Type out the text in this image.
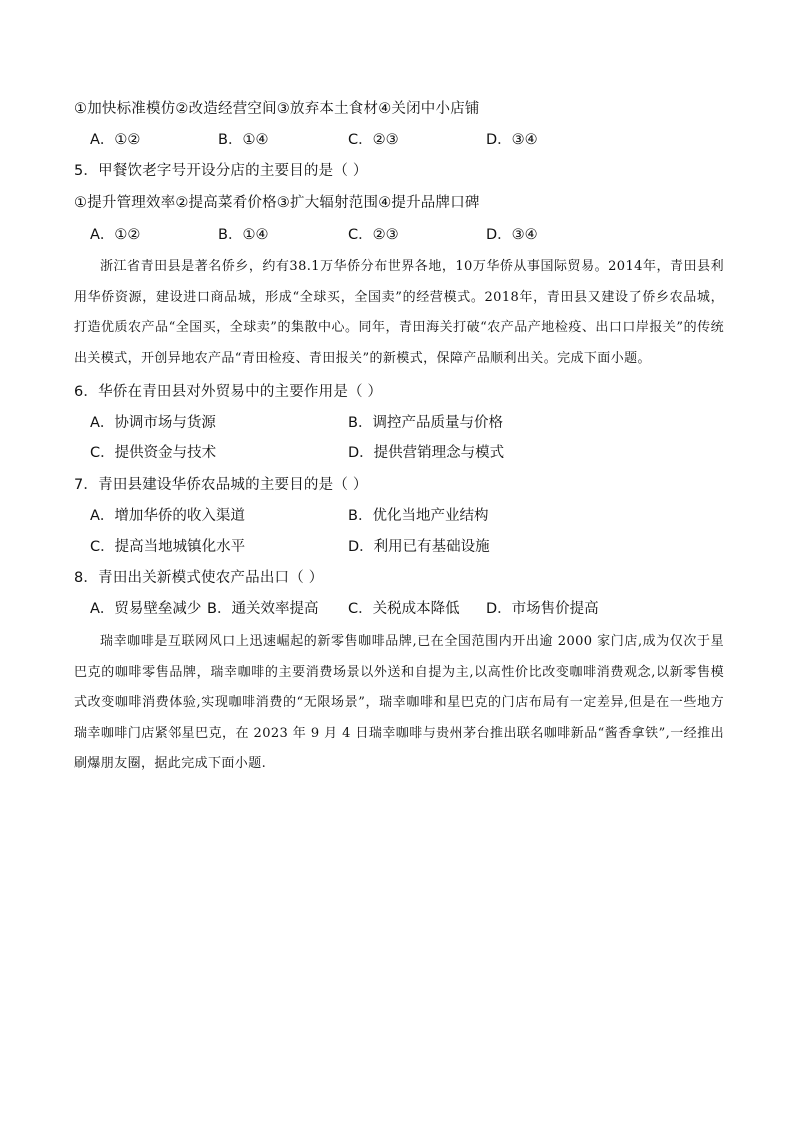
①加快标准模仿②改造经营空间③放弃本土食材④关闭中小店铺
A．①②	B．①④	C．②③	D．③④
5．甲餐饮老字号开设分店的主要目的是（ ）
①提升管理效率②提高菜肴价格③扩大辐射范围④提升品牌口碑
A．①②	B．①④	C．②③	D．③④
浙江省青田县是著名侨乡，约有38.1万华侨分布世界各地，10万华侨从事国际贸易。2014年，青田县利用华侨资源，建设进口商品城，形成“全球买，全国卖”的经营模式。2018年，青田县又建设了侨乡农品城，打造优质农产品“全国买，全球卖”的集散中心。同年，青田海关打破“农产品产地检疫、出口口岸报关”的传统出关模式，开创异地农产品“青田检疫、青田报关”的新模式，保障产品顺利出关。完成下面小题。
6．华侨在青田县对外贸易中的主要作用是（ ）
A．协调市场与货源	B．调控产品质量与价格
C．提供资金与技术	D．提供营销理念与模式
7．青田县建设华侨农品城的主要目的是（ ）
A．增加华侨的收入渠道	B．优化当地产业结构
C．提高当地城镇化水平	D．利用已有基础设施
8．青田出关新模式使农产品出口（ ）
A．贸易壁垒减少 B．通关效率提高 C．关税成本降低 D．市场售价提高
瑞幸咖啡是互联网风口上迅速崛起的新零售咖啡品牌,已在全国范围内开出逾 2000 家门店,成为仅次于星巴克的咖啡零售品牌，瑞幸咖啡的主要消费场景以外送和自提为主,以高性价比改变咖啡消费观念,以新零售模式改变咖啡消费体验,实现咖啡消费的“无限场景”，瑞幸咖啡和星巴克的门店布局有一定差异,但是在一些地方瑞幸咖啡门店紧邻星巴克，在 2023 年 9 月 4 日瑞幸咖啡与贵州茅台推出联名咖啡新品“酱香拿铁”,一经推出刷爆朋友圈，据此完成下面小题.
